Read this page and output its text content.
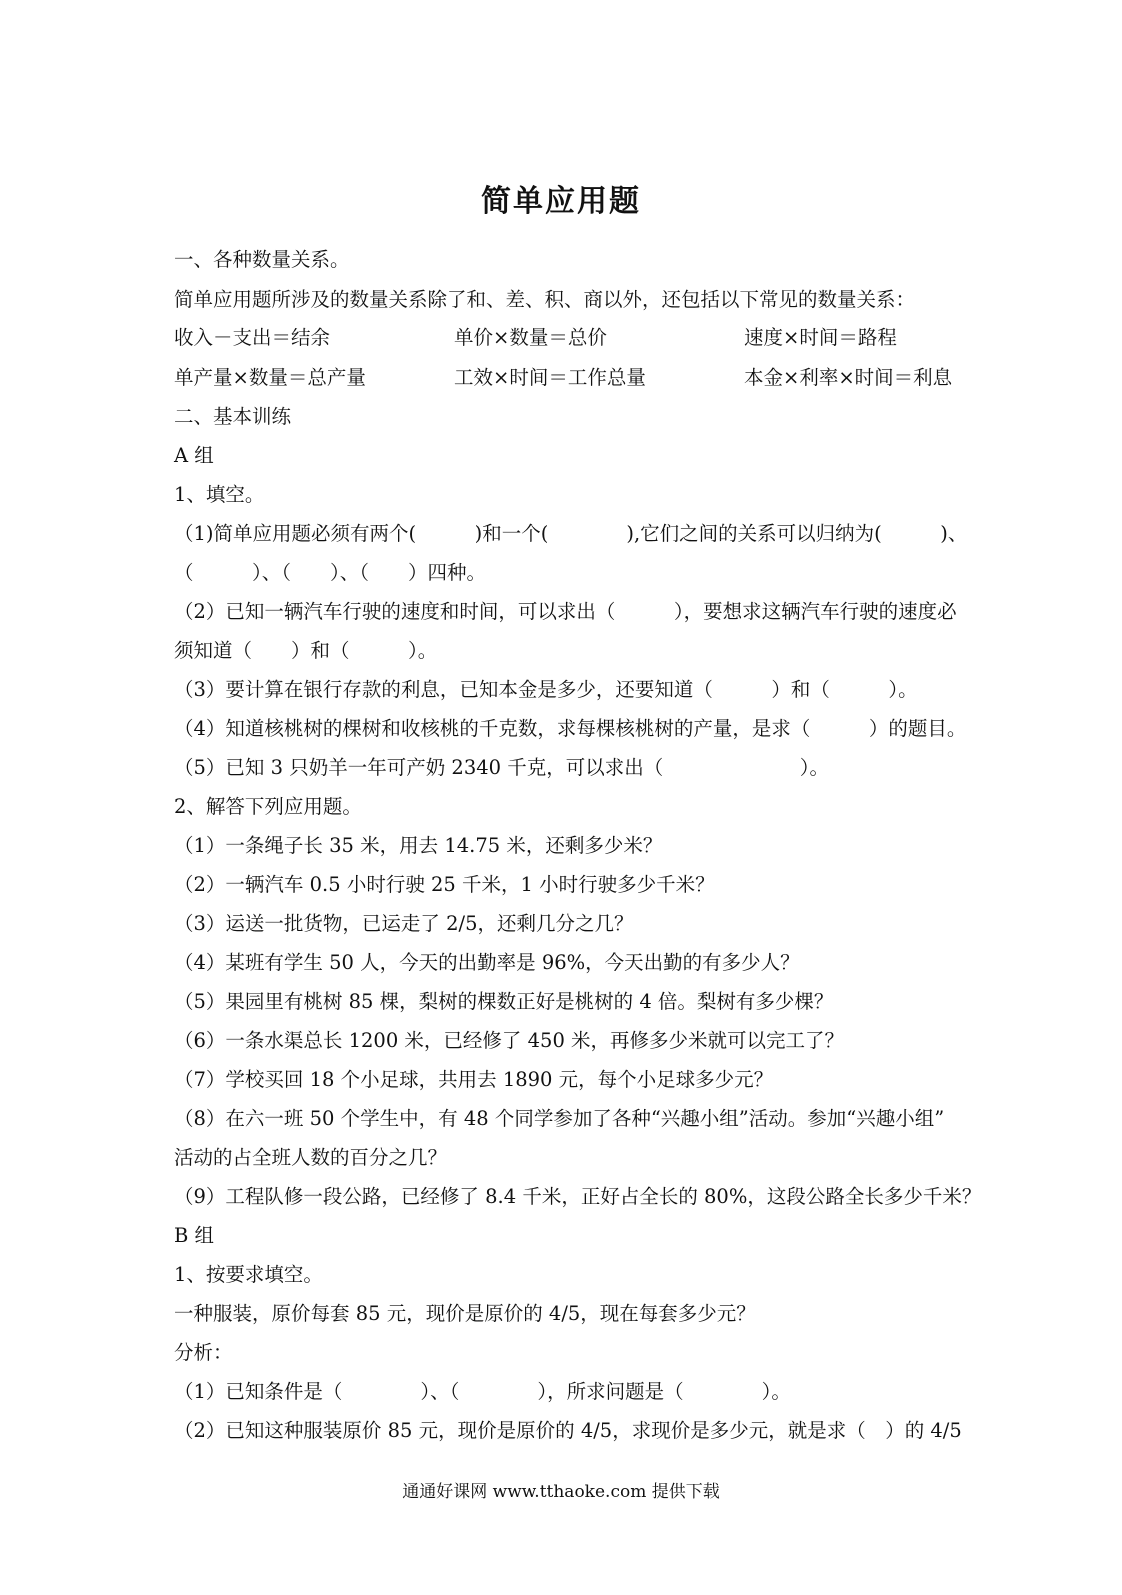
简单应用题
一、各种数量关系。
简单应用题所涉及的数量关系除了和、差、积、商以外，还包括以下常见的数量关系：
收入－支出＝结余	单价×数量＝总价	速度×时间＝路程
单产量×数量＝总产量	工效×时间＝工作总量	本金×利率×时间＝利息
二、基本训练
A 组
1、填空。
（1)简单应用题必须有两个(　　　)和一个(　　　　),它们之间的关系可以归纳为(　　　)、
（　　　）、（　　）、（　　）四种。
（2）已知一辆汽车行驶的速度和时间，可以求出（　　　），要想求这辆汽车行驶的速度必
须知道（　　）和（　　　）。
（3）要计算在银行存款的利息，已知本金是多少，还要知道（　　　）和（　　　）。
（4）知道核桃树的棵树和收核桃的千克数，求每棵核桃树的产量，是求（　　　）的题目。
（5）已知 3 只奶羊一年可产奶 2340 千克，可以求出（　　　　　　　）。
2、解答下列应用题。
（1）一条绳子长 35 米，用去 14.75 米，还剩多少米？
（2）一辆汽车 0.5 小时行驶 25 千米，1 小时行驶多少千米？
（3）运送一批货物，已运走了 2/5，还剩几分之几？
（4）某班有学生 50 人，今天的出勤率是 96%，今天出勤的有多少人？
（5）果园里有桃树 85 棵，梨树的棵数正好是桃树的 4 倍。梨树有多少棵？
（6）一条水渠总长 1200 米，已经修了 450 米，再修多少米就可以完工了？
（7）学校买回 18 个小足球，共用去 1890 元，每个小足球多少元？
（8）在六一班 50 个学生中，有 48 个同学参加了各种“兴趣小组”活动。参加“兴趣小组”
活动的占全班人数的百分之几？
（9）工程队修一段公路，已经修了 8.4 千米，正好占全长的 80%，这段公路全长多少千米？
B 组
1、按要求填空。
一种服装，原价每套 85 元，现价是原价的 4/5，现在每套多少元？
分析：
（1）已知条件是（　　　　）、（　　　　），所求问题是（　　　　）。
（2）已知这种服装原价 85 元，现价是原价的 4/5，求现价是多少元，就是求（　）的 4/5
通通好课网 www.tthaoke.com 提供下载
